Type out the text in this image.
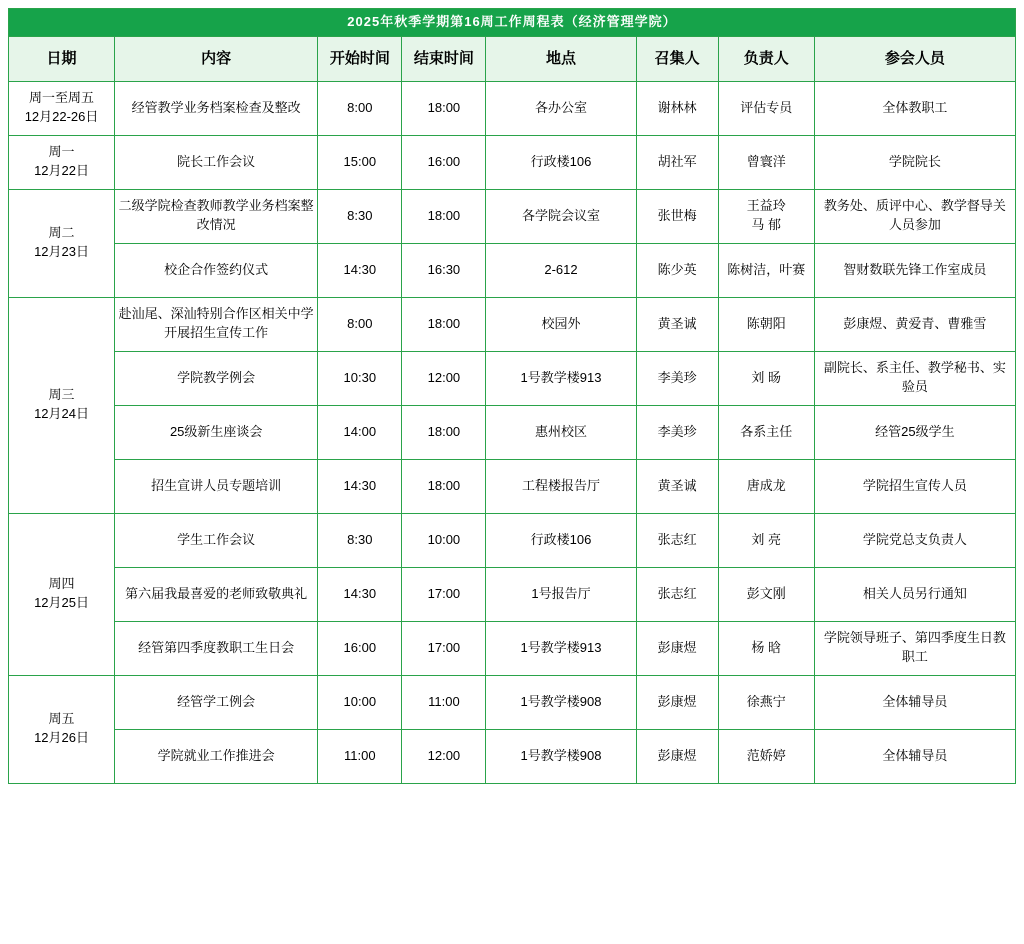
2025年秋季学期第16周工作周程表（经济管理学院）							
日期	内容	开始时间	结束时间	地点	召集人	负责人	参会人员

周一至周五
12月22-26日	经管教学业务档案检查及整改	8:00	18:00	各办公室	谢林林	评估专员	全体教职工

周一
12月22日	院长工作会议	15:00	16:00	行政楼106	胡社军	曾寰洋	学院院长

周二
12月23日
	二级学院检查教师教学业务档案整改情况	8:30	18:00	各学院会议室	张世梅	王益玲
马 郁	教务处、质评中心、教学督导关人员参加
	校企合作签约仪式	14:30	16:30	2-612	陈少英	陈树洁，叶赛	智财数联先锋工作室成员

周三
12月24日	赴汕尾、深汕特别合作区相关中学开展招生宣传工作	8:00	18:00	校园外	黄圣诚	陈朝阳	彭康煜、黄爱青、曹雅雪
	学院教学例会	10:30	12:00	1号教学楼913	李美珍	刘 旸	副院长、系主任、教学秘书、实验员
	25级新生座谈会	14:00	18:00	惠州校区	李美珍	各系主任	经管25级学生
	招生宣讲人员专题培训	14:30	18:00	工程楼报告厅	黄圣诚	唐成龙	学院招生宣传人员

周四
12月25日	学生工作会议	8:30	10:00	行政楼106	张志红	刘 亮	学院党总支负责人
	第六届我最喜爱的老师致敬典礼	14:30	17:00	1号报告厅	张志红	彭文刚	相关人员另行通知
	经管第四季度教职工生日会	16:00	17:00	1号教学楼913	彭康煜	杨 晗	学院领导班子、第四季度生日教职工

周五
12月26日	经管学工例会	10:00	11:00	1号教学楼908	彭康煜	徐燕宁	全体辅导员
	学院就业工作推进会	11:00	12:00	1号教学楼908	彭康煜	范娇婷	全体辅导员
